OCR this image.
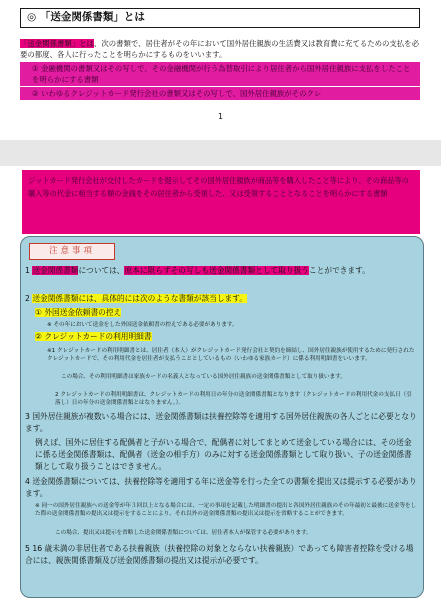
◎ 「送金関係書類」とは
「送金関係書類」とは、次の書類で、居住者がその年において国外居住親族の生活費又は教育費に充てるための支払を必要の都度、各人に行ったことを明らかにするものをいいます。
① 金融機関の書類又はその写しで、その金融機関が行う為替取引により居住者から国外居住親族に支払をしたことを明らかにする書類
② いわゆるクレジットカード発行会社の書類又はその写しで、国外居住親族がそのクレ
1
ジットカード発行会社が交付したカードを提示してその国外居住親族が商品等を購入したこと等により、その商品等の購入等の代金に相当する額の金銭をその居住者から受領した、又は受領することとなることを明らかにする書類
注意事項
1 送金関係書類については、原本に限らずその写しも送金関係書類として取り扱うことができます。
2 送金関係書類には、具体的には次のような書類が該当します。
① 外国送金依頼書の控え
※ その年において送金をした外国送金依頼書の控えである必要があります。
② クレジットカードの利用明細書
※1 クレジットカードの利用明細書とは、居住者（本人）がクレジットカード発行会社と契約を締結し、国外居住親族が使用するために発行されたクレジットカードで、その利用代金を居住者が支払うこととしているもの（いわゆる家族カード）に係る利用明細書をいいます。
この場合、その利用明細書は家族カードの名義人となっている国外居住親族の送金関係書類として取り扱います。
2 クレジットカードの利用明細書は、クレジットカードの利用日の年分の送金関係書類となります（クレジットカードの利用代金の支払日（引落し）日の年分の送金関係書類とはなりません。）。
3 国外居住親族が複数いる場合には、送金関係書類は扶養控除等を適用する国外居住親族の各人ごとに必要となります。
例えば、国外に居住する配偶者と子がいる場合で、配偶者に対してまとめて送金している場合には、その送金に係る送金関係書類は、配偶者（送金の相手方）のみに対する送金関係書類として取り扱い、子の送金関係書類として取り扱うことはできません。
4 送金関係書類については、扶養控除等を適用する年に送金等を行った全ての書類を提出又は提示する必要があります。
※ 同一の国外居住親族への送金等が年３回以上となる場合には、一定の事項を記載した明細書の提出と各国外居住親族のその年最初と最後に送金等をした際の送金関係書類の提出又は提示をすることにより、それ以外の送金関係書類の提出又は提示を省略することができます。
この場合、提出又は提示を省略した送金関係書類については、居住者本人が保管する必要があります。
5 16 歳未満の非居住者である扶養親族（扶養控除の対象とならない扶養親族）であっても障害者控除を受ける場合には、親族関係書類及び送金関係書類の提出又は提示が必要です。
